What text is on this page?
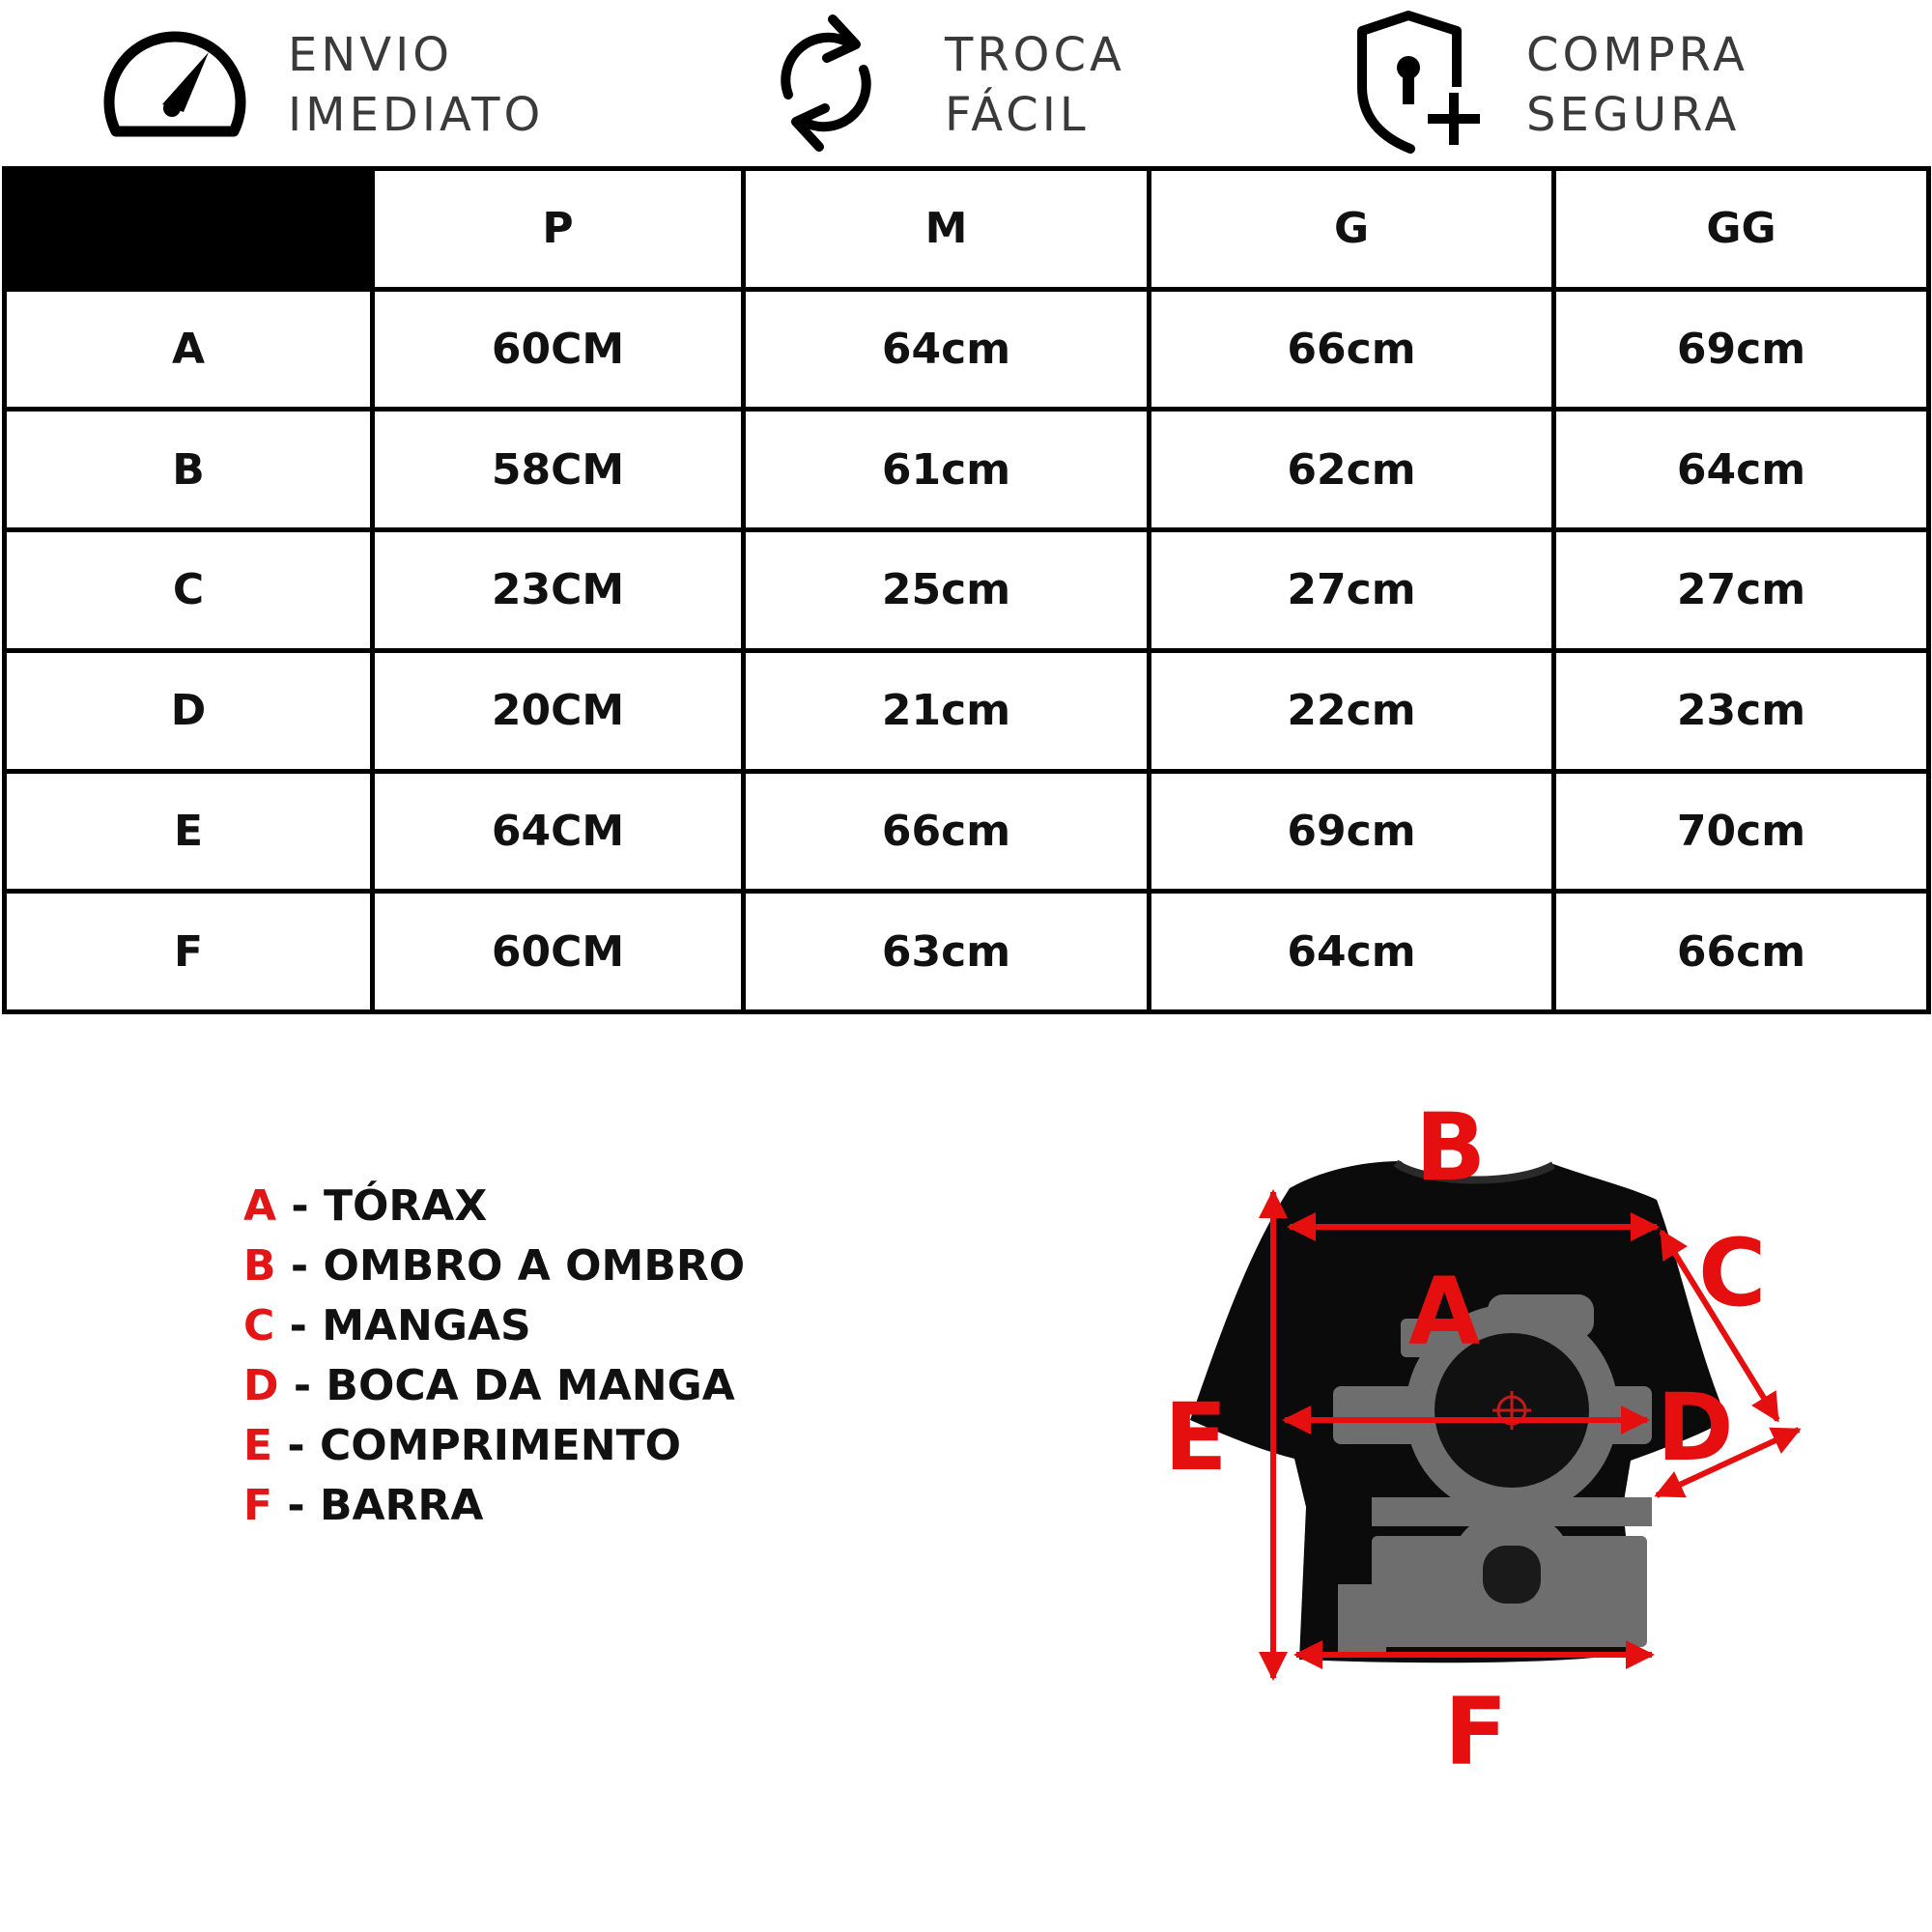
ENVIO
IMEDIATO
TROCA
FÁCIL
COMPRA
SEGURA
	P	M	G	GG
A	60CM	64cm	66cm	69cm
B	58CM	61cm	62cm	64cm
C	23CM	25cm	27cm	27cm
D	20CM	21cm	22cm	23cm
E	64CM	66cm	69cm	70cm
F	60CM	63cm	64cm	66cm
A - TÓRAX
B - OMBRO A OMBRO
C - MANGAS
D - BOCA DA MANGA
E - COMPRIMENTO
F - BARRA
B
A C
D
E
F
